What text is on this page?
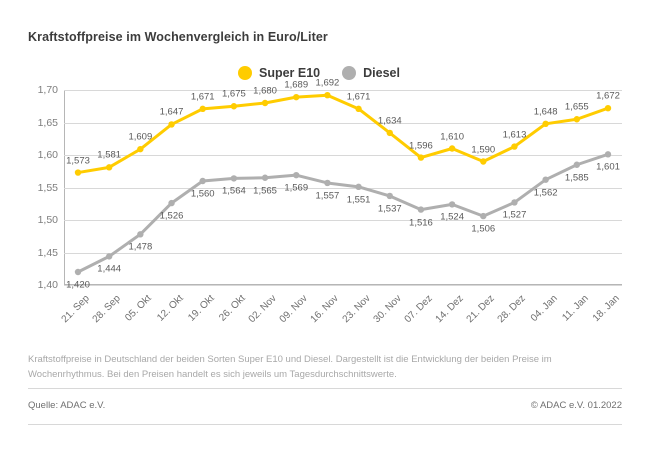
Kraftstoffpreise im Wochenvergleich in Euro/Liter
Super E10	Diesel
1,70
1,65
1,60
1,55
1,50
1,45
1,40
1,573 1,581
1,609
1,647
1,671 1,675 1,680
1,689 1,692
1,671
1,634
1,596
1,610
1,590
1,613
1,648 1,655
1,672
1,420
1,444
1,478
1,526
1,560 1,564 1,565 1,569
1,557 1,551
1,537
1,516 1,524
1,506
1,527
1,562
1,585
1,601
21. Sep 28. Sep 05. Okt 12. Okt 19. Okt 26. Okt 02. Nov 09. Nov 16. Nov 23. Nov 30. Nov 07. Dez 14. Dez 21. Dez 28. Dez 04. Jan 11. Jan 18. Jan
Kraftstoffpreise in Deutschland der beiden Sorten Super E10 und Diesel. Dargestellt ist die Entwicklung der beiden Preise im Wochenrhythmus. Bei den Preisen handelt es sich jeweils um Tagesdurchschnittswerte.
Quelle: ADAC e.V.	© ADAC e.V. 01.2022
